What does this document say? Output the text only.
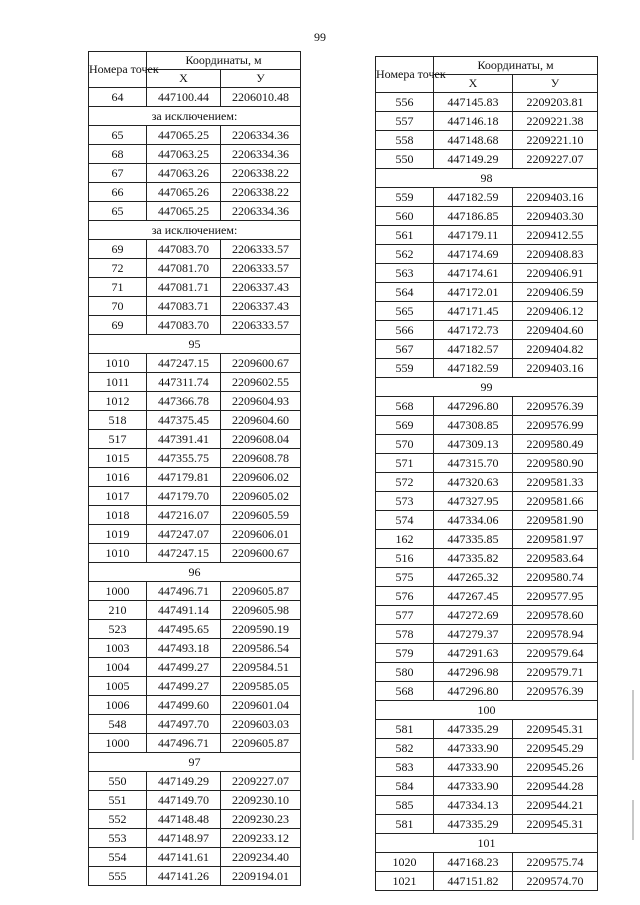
99
Номера точек	Координаты, м	
	Х	У
64	447100.44	2206010.48
за исключением:		
65	447065.25	2206334.36
68	447063.25	2206334.36
67	447063.26	2206338.22
66	447065.26	2206338.22
65	447065.25	2206334.36
за исключением:		
69	447083.70	2206333.57
72	447081.70	2206333.57
71	447081.71	2206337.43
70	447083.71	2206337.43
69	447083.70	2206333.57
95		
1010	447247.15	2209600.67
1011	447311.74	2209602.55
1012	447366.78	2209604.93
518	447375.45	2209604.60
517	447391.41	2209608.04
1015	447355.75	2209608.78
1016	447179.81	2209606.02
1017	447179.70	2209605.02
1018	447216.07	2209605.59
1019	447247.07	2209606.01
1010	447247.15	2209600.67
96		
1000	447496.71	2209605.87
210	447491.14	2209605.98
523	447495.65	2209590.19
1003	447493.18	2209586.54
1004	447499.27	2209584.51
1005	447499.27	2209585.05
1006	447499.60	2209601.04
548	447497.70	2209603.03
1000	447496.71	2209605.87
97		
550	447149.29	2209227.07
551	447149.70	2209230.10
552	447148.48	2209230.23
553	447148.97	2209233.12
554	447141.61	2209234.40
555	447141.26	2209194.01
Номера точек	Координаты, м	
	Х	У
556	447145.83	2209203.81
557	447146.18	2209221.38
558	447148.68	2209221.10
550	447149.29	2209227.07
98		
559	447182.59	2209403.16
560	447186.85	2209403.30
561	447179.11	2209412.55
562	447174.69	2209408.83
563	447174.61	2209406.91
564	447172.01	2209406.59
565	447171.45	2209406.12
566	447172.73	2209404.60
567	447182.57	2209404.82
559	447182.59	2209403.16
99		
568	447296.80	2209576.39
569	447308.85	2209576.99
570	447309.13	2209580.49
571	447315.70	2209580.90
572	447320.63	2209581.33
573	447327.95	2209581.66
574	447334.06	2209581.90
162	447335.85	2209581.97
516	447335.82	2209583.64
575	447265.32	2209580.74
576	447267.45	2209577.95
577	447272.69	2209578.60
578	447279.37	2209578.94
579	447291.63	2209579.64
580	447296.98	2209579.71
568	447296.80	2209576.39
100		
581	447335.29	2209545.31
582	447333.90	2209545.29
583	447333.90	2209545.26
584	447333.90	2209544.28
585	447334.13	2209544.21
581	447335.29	2209545.31
101		
1020	447168.23	2209575.74
1021	447151.82	2209574.70
